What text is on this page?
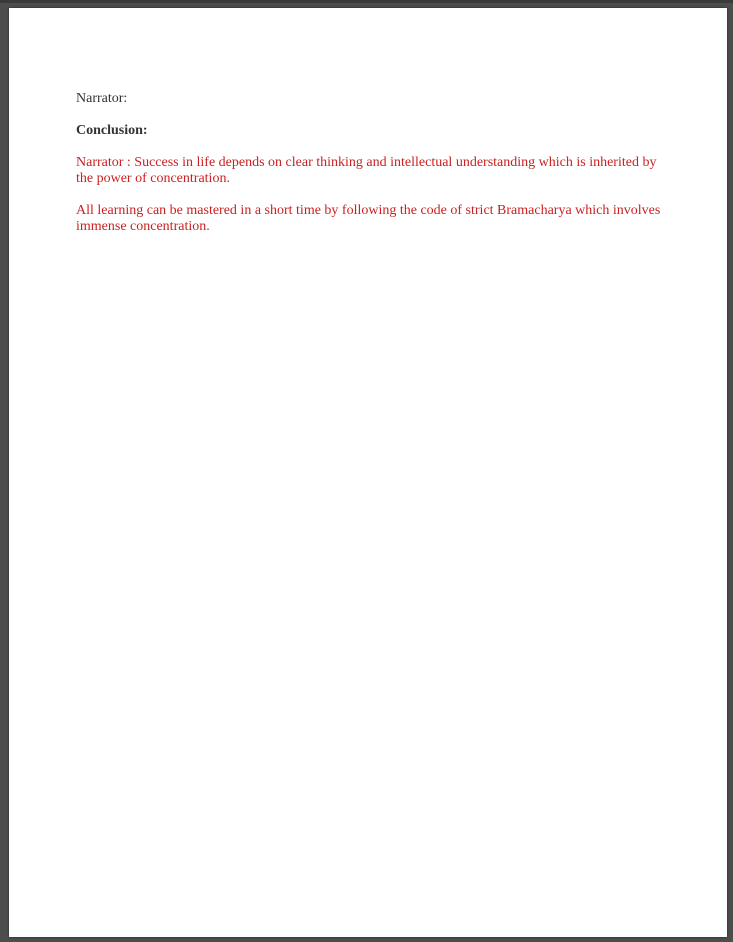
Narrator:

Conclusion:

Narrator : Success in life depends on clear thinking and intellectual understanding which is inherited by the power of concentration.

All learning can be mastered in a short time by following the code of strict Bramacharya which involves immense concentration.
